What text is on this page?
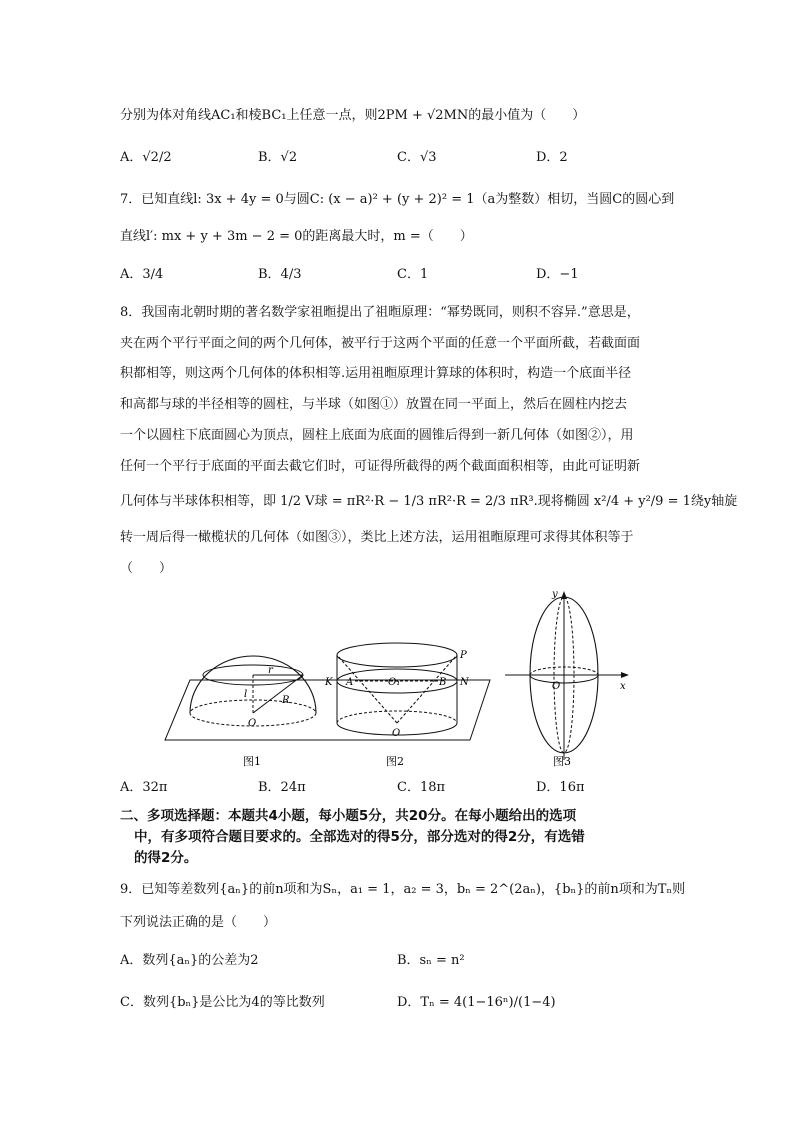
分别为体对角线AC₁和棱BC₁上任意一点，则2PM + √2MN的最小值为（　　）
A．√2/2	B．√2	C．√3	D．2
7．已知直线l: 3x + 4y = 0与圆C: (x − a)² + (y + 2)² = 1（a为整数）相切，当圆C的圆心到
直线l′: mx + y + 3m − 2 = 0的距离最大时，m =（　　）
A．3/4	B．4/3	C．1	D．−1
8．我国南北朝时期的著名数学家祖暅提出了祖暅原理：“幂势既同，则积不容异.”意思是，
夹在两个平行平面之间的两个几何体，被平行于这两个平面的任意一个平面所截，若截面面
积都相等，则这两个几何体的体积相等.运用祖暅原理计算球的体积时，构造一个底面半径
和高都与球的半径相等的圆柱，与半球（如图①）放置在同一平面上，然后在圆柱内挖去
一个以圆柱下底面圆心为顶点，圆柱上底面为底面的圆锥后得到一新几何体（如图②），用
任何一个平行于底面的平面去截它们时，可证得所截得的两个截面面积相等，由此可证明新
几何体与半球体积相等，即 1/2 V球 = πR²·R − 1/3 πR²·R = 2/3 πR³.现将椭圆 x²/4 + y²/9 = 1绕y轴旋
转一周后得一橄榄状的几何体（如图③），类比上述方法，运用祖暅原理可求得其体积等于
（　　）
r
l
R
O
K A	O₁	B
P
N
O
y
x
O
图1	图2	图3
A．32π	B．24π	C．18π	D．16π
二、多项选择题：本题共4小题，每小题5分，共20分。在每小题给出的选项
中，有多项符合题目要求的。全部选对的得5分，部分选对的得2分，有选错
的得2分。
9．已知等差数列{aₙ}的前n项和为Sₙ，a₁ = 1，a₂ = 3，bₙ = 2^(2aₙ)，{bₙ}的前n项和为Tₙ则
下列说法正确的是（　　）
A．数列{aₙ}的公差为2	B．sₙ = n²
C．数列{bₙ}是公比为4的等比数列	D．Tₙ = 4(1−16ⁿ)/(1−4)
